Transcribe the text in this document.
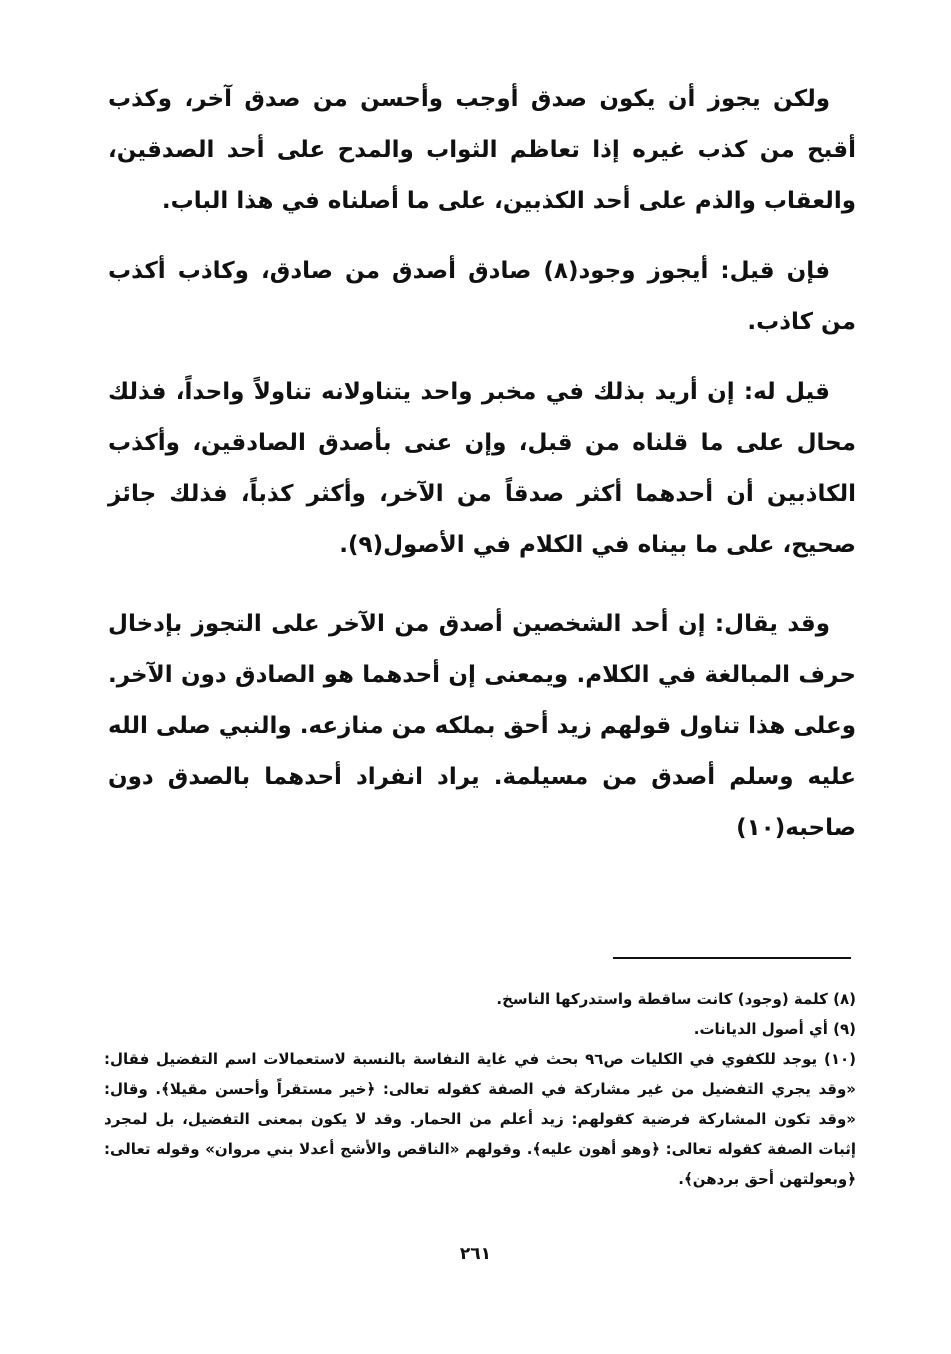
ولكن يجوز أن يكون صدق أوجب وأحسن من صدق آخر، وكذب أقبح من كذب غيره إذا تعاظم الثواب والمدح على أحد الصدقين، والعقاب والذم على أحد الكذبين، على ما أصلناه في هذا الباب.

فإن قيل: أيجوز وجود(٨) صادق أصدق من صادق، وكاذب أكذب من كاذب.

قيل له: إن أريد بذلك في مخبر واحد يتناولانه تناولاً واحداً، فذلك محال على ما قلناه من قبل، وإن عنى بأصدق الصادقين، وأكذب الكاذبين أن أحدهما أكثر صدقاً من الآخر، وأكثر كذباً، فذلك جائز صحيح، على ما بيناه في الكلام في الأصول(٩).

وقد يقال: إن أحد الشخصين أصدق من الآخر على التجوز بإدخال حرف المبالغة في الكلام. ويمعنى إن أحدهما هو الصادق دون الآخر. وعلى هذا تناول قولهم زيد أحق بملكه من منازعه. والنبي صلى الله عليه وسلم أصدق من مسيلمة. يراد انفراد أحدهما بالصدق دون صاحبه(١٠)

(٨) كلمة (وجود) كانت ساقطة واستدركها الناسخ.

(٩) أي أصول الديانات.

(١٠) يوجد للكفوي في الكليات ص٩٦ بحث في غاية النفاسة بالنسبة لاستعمالات اسم التفضيل فقال: «وقد يجري التفضيل من غير مشاركة في الصفة كقوله تعالى: ﴿خير مستقراً وأحسن مقيلا﴾. وقال: «وقد تكون المشاركة فرضية كقولهم: زيد أعلم من الحمار. وقد لا يكون بمعنى التفضيل، بل لمجرد إثبات الصفة كقوله تعالى: ﴿وهو أهون عليه﴾. وقولهم «الناقص والأشج أعدلا بني مروان» وقوله تعالى: ﴿وبعولتهن أحق بردهن﴾.

٢٦١
